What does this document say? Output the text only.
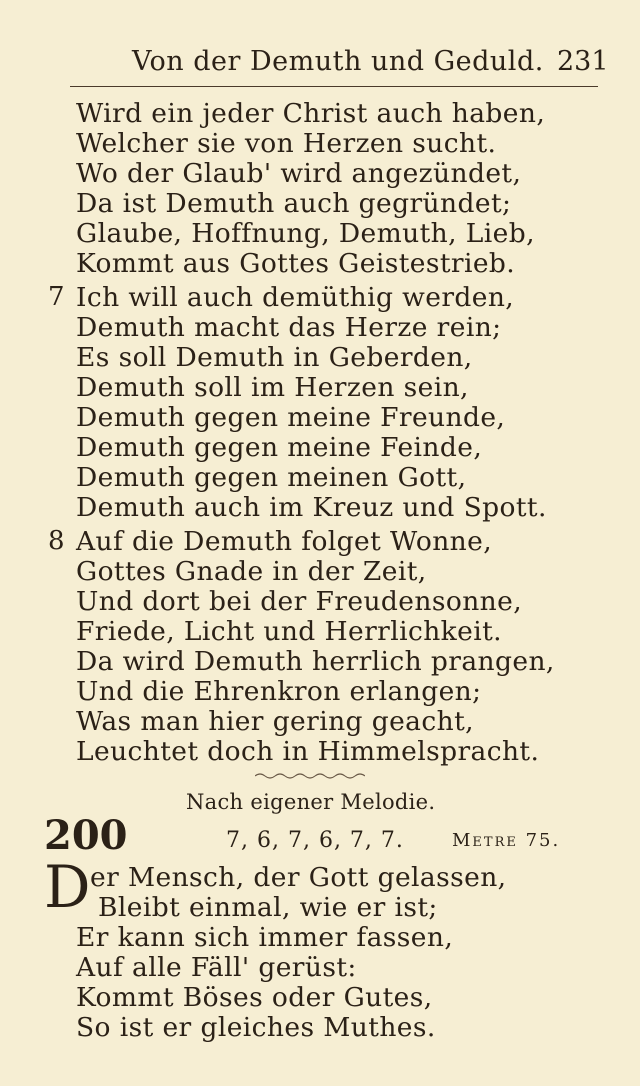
Von der Demuth und Geduld. 231
Wird ein jeder Christ auch haben,
Welcher sie von Herzen sucht.
Wo der Glaub' wird angezündet,
Da ist Demuth auch gegründet;
Glaube, Hoffnung, Demuth, Lieb,
Kommt aus Gottes Geistestrieb.
7 Ich will auch demüthig werden,
Demuth macht das Herze rein;
Es soll Demuth in Geberden,
Demuth soll im Herzen sein,
Demuth gegen meine Freunde,
Demuth gegen meine Feinde,
Demuth gegen meinen Gott,
Demuth auch im Kreuz und Spott.
8 Auf die Demuth folget Wonne,
Gottes Gnade in der Zeit,
Und dort bei der Freudensonne,
Friede, Licht und Herrlichkeit.
Da wird Demuth herrlich prangen,
Und die Ehrenkron erlangen;
Was man hier gering geacht,
Leuchtet doch in Himmelspracht.
Nach eigener Melodie.
200	7, 6, 7, 6, 7, 7.	Metre 75.
D er Mensch, der Gott gelassen,
Bleibt einmal, wie er ist;
Er kann sich immer fassen,
Auf alle Fäll' gerüst:
Kommt Böses oder Gutes,
So ist er gleiches Muthes.
